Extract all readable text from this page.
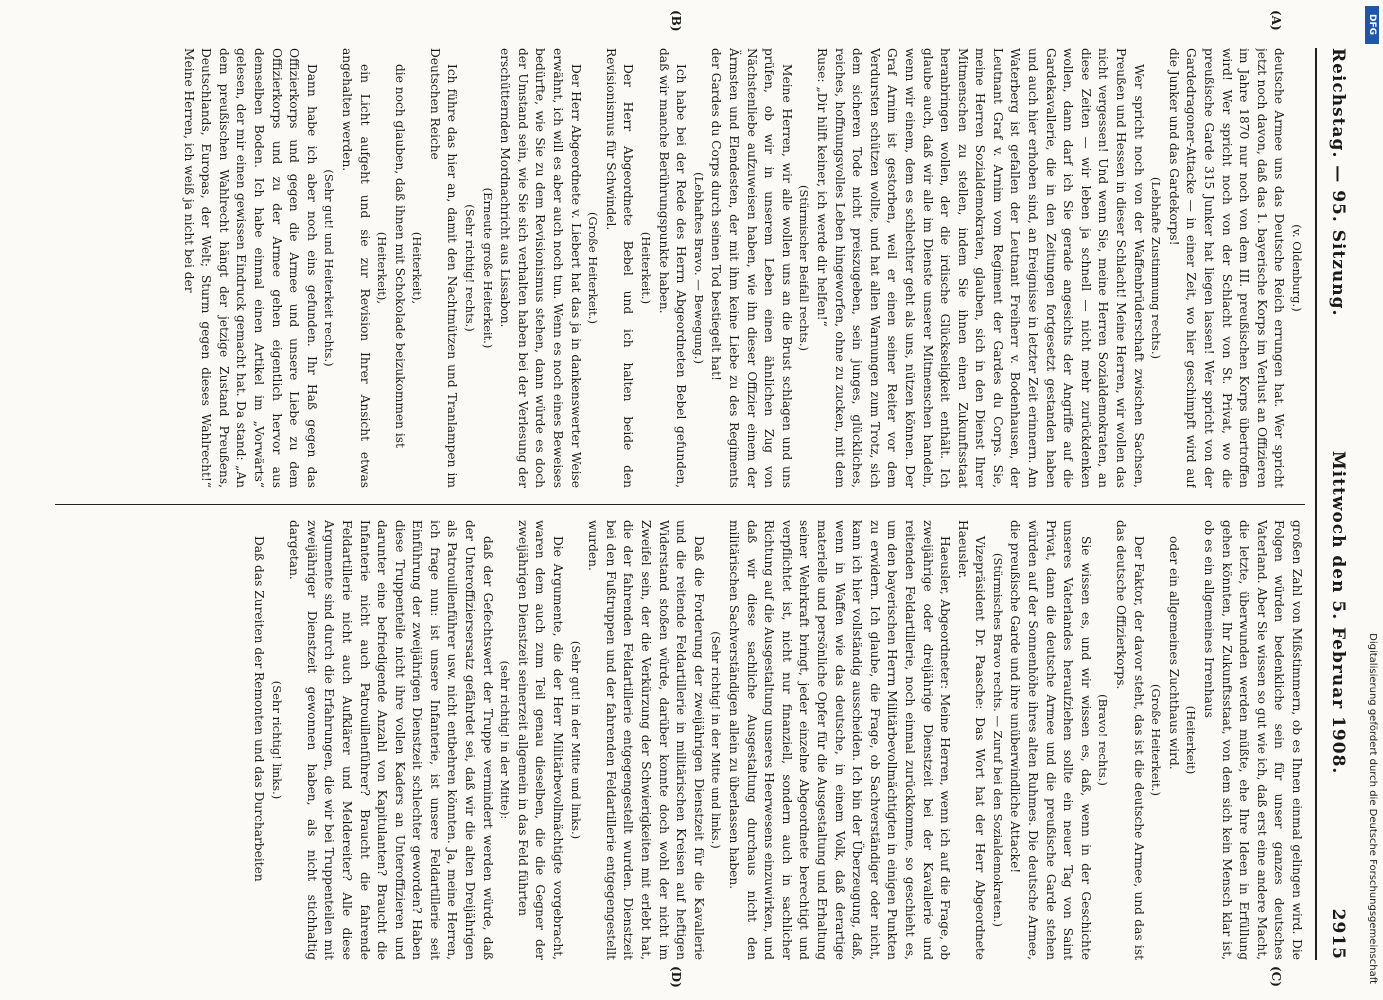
Reichstag. — 95. Sitzung.
Mittwoch den 5. Februar 1908.
2915
(A)
(B)
(C)
(D)

(v. Oldenburg.)

deutsche Armee uns das Deutsche Reich errungen hat. Wer spricht jetzt noch davon, daß das 1. bayerische Korps im Verlust an Offizieren im Jahre 1870 nur noch von dem III. preußischen Korps übertroffen wird! Wer spricht noch von der Schlacht von St. Privat, wo die preußische Garde 315 Junker hat liegen lassen! Wer spricht von der Gardedragoner-Attacke — in einer Zeit, wo hier geschimpft wird auf die Junker und das Gardekorps!

(Lebhafte Zustimmung rechts.)

Wer spricht noch von der Waffenbrüderschaft zwischen Sachsen, Preußen und Hessen in dieser Schlacht! Meine Herren, wir wollen das nicht vergessen! Und wenn Sie, meine Herren Sozialdemokraten, an diese Zeiten — wir leben ja schnell — nicht mehr zurückdenken wollen, dann darf ich Sie gerade angesichts der Angriffe auf die Gardekavallerie, die in den Zeitungen fortgesetzt gestanden haben und auch hier erhoben sind, an Ereignisse in letzter Zeit erinnern. Am Waterberg ist gefallen der Leutnant Freiherr v. Bodenhausen, der Leutnant Graf v. Arnim vom Regiment der Gardes du Corps. Sie, meine Herren Sozialdemokraten, glauben, sich in den Dienst Ihrer Mitmenschen zu stellen, indem Sie ihnen einen Zukunftsstaat heranbringen wollen, der die irdische Glückseligkeit enthält. Ich glaube auch, daß wir alle im Dienste unserer Mitmenschen handeln, wenn wir einem, dem es schlechter geht als uns, nützen können. Der Graf Arnim ist gestorben, weil er einen seiner Reiter vor dem Verdursten schützen wollte, und hat allen Warnungen zum Trotz, sich dem sicheren Tode nicht preiszugeben, sein junges, glückliches, reiches, hoffnungsvolles Leben hingeworfen, ohne zu zucken, mit dem Ruse: „Dir hilft keiner, ich werde dir helfen!“

(Stürmischer Beifall rechts.)

Meine Herren, wir alle wollen uns an die Brust schlagen und uns prüfen, ob wir in unserem Leben einen ähnlichen Zug von Nächstenliebe aufzuweisen haben, wie ihn dieser Offizier einem der Ärmsten und Elendesten, der mit ihm keine Liebe zu des Regiments der Gardes du Corps durch seinen Tod bestiegelt hat!

(Lebhaftes Bravo. — Bewegung.)

Ich habe bei der Rede des Herrn Abgeordneten Bebel gefunden, daß wir manche Berührungspunkte haben.

(Heiterkeit.)

Der Herr Abgeordnete Bebel und ich halten beide den Revisionismus für Schwindel.

(Große Heiterkeit.)

Der Herr Abgeordnete v. Liebert hat das ja in dankenswerter Weise erwähnt, ich will es aber auch noch tun. Wenn es noch eines Beweises bedürfte, wie Sie zu dem Revisionismus stehen, dann würde es doch der Umstand sein, wie Sie sich verhalten haben bei der Verlesung der erschütternden Mordnachricht aus Lissabon.

(Erneute große Heiterkeit.)

(Sehr richtig! rechts.)

Ich führe das hier an, damit den Nachtmützen und Tranlampen im Deutschen Reiche

(Heiterkeit),

die noch glauben, daß ihnen mit Schokolade beizukommen ist

(Heiterkeit),

ein Licht aufgeht und sie zur Revision Ihrer Ansicht etwas angehalten werden.

(Sehr gut! und Heiterkeit rechts.)

Dann habe ich aber noch eins gefunden. Ihr Haß gegen das Offizierkorps und gegen die Armee und unsere Liebe zu dem Offizierkorps und zu der Armee gehen eigentlich hervor aus demselben Boden. Ich habe einmal einen Artikel im „Vorwärts“ gelesen, der mir einen gewissen Eindruck gemacht hat. Da stand: „An dem preußischen Wahlrecht hängt der jetzige Zustand Preußens, Deutschlands, Europas, der Welt; Sturm gegen dieses Wahlrecht!“ Meine Herren, ich weiß ja nicht bei der

großen Zahl von Mißstimmern, ob es Ihnen einmal gelingen wird. Die Folgen würden bedenkliche sein für unser ganzes deutsches Vaterland. Aber Sie wissen so gut wie ich, daß erst eine andere Macht, die letzte, überwunden werden müßte, ehe Ihre Ideen in Erfüllung gehen könnten, Ihr Zukunftsstaat, von dem sich kein Mensch klar ist, ob es ein allgemeines Irrenhaus

(Heiterkeit)

oder ein allgemeines Zuchthaus wird.

(Große Heiterkeit.)

Der Faktor, der davor steht, das ist die deutsche Armee, und das ist das deutsche Offizierkorps.

(Bravo! rechts.)

Sie wissen es, und wir wissen es, daß, wenn in der Geschichte unseres Vaterlandes heraufziehen sollte ein neuer Tag von Saint Privat, dann die deutsche Armee und die preußische Garde stehen würden auf der Sonnenhöhe ihres alten Ruhmes. Die deutsche Armee, die preußische Garde und ihre unüberwindliche Attacke!

(Stürmisches Bravo rechts. — Zuruf bei den Sozialdemokraten.)

Vizepräsident Dr. Paasche: Das Wort hat der Herr Abgeordnete Haeusler.

Haeusler, Abgeordneter: Meine Herren, wenn ich auf die Frage, ob zweijährige oder dreijährige Dienstzeit bei der Kavallerie und reitenden Feldartillerie, noch einmal zurückkomme, so geschieht es, um den bayerischen Herrn Militärbevollmächtigten in einigen Punkten zu erwidern. Ich glaube, die Frage, ob Sachverständiger oder nicht, kann ich hier vollständig ausscheiden. Ich bin der Überzeugung, daß, wenn in Waffen wie das deutsche, in einem Volk, daß derartige materielle und persönliche Opfer für die Ausgestaltung und Erhaltung seiner Wehrkraft bringt, jeder einzelne Abgeordnete berechtigt und verpflichtet ist, nicht nur finanziell, sondern auch in sachlicher Richtung auf die Ausgestaltung unseres Heerwesens einzuwirken, und daß wir diese sachliche Ausgestaltung durchaus nicht den militärischen Sachverständigen allein zu überlassen haben.

(Sehr richtig! in der Mitte und links.)

Daß die Forderung der zweijährigen Dienstzeit für die Kavallerie und die reitende Feldartillerie in militärischen Kreisen auf heftigen Widerstand stoßen würde, darüber konnte doch wohl der nicht im Zweifel sein, der die Verkürzung der Schwierigkeiten mit erlebt hat, die der fahrenden Feldartillerie entgegengestellt wurden. Dienstzeit bei den Fußtruppen und der fahrenden Feldartillerie entgegengestellt wurden.

(Sehr gut! in der Mitte und links.)

Die Argumente, die der Herr Militärbevollmächtigte vorgebracht, waren dem auch zum Teil genau dieselben, die die Gegner der zweijährigen Dienstzeit seinerzeit allgemein in das Feld führten

(sehr richtig! in der Mitte):

daß der Gefechtswert der Truppe vermindert werden würde, daß der Unteroffiziersersatz gefährdet sei, daß wir die alten Dreijährigen als Patrouillenführer usw. nicht entbehren könnten. Ja, meine Herren, ich frage nun: ist unsere Infanterie, ist unsere Feldartillerie seit Einführung der zweijährigen Dienstzeit schlechter geworden? Haben diese Truppenteile nicht ihre vollen Kaders an Unteroffizieren und darunter eine befriedigende Anzahl von Kapitulanten? Braucht die Infanterie nicht auch Patrouillenführer? Braucht die fahrende Feldartillerie nicht auch Aufklärer und Meldereiter? Alle diese Argumente sind durch die Erfahrungen, die wir bei Truppenteilen mit zweijähriger Dienstzeit gewonnen haben, als nicht stichhaltig dargetan.

(Sehr richtig! links.)

Daß das Zureiten der Remonten und das Durcharbeiten	Digitalisierung gefördert durch die Deutsche Forschungsgemeinschaft
DFG
